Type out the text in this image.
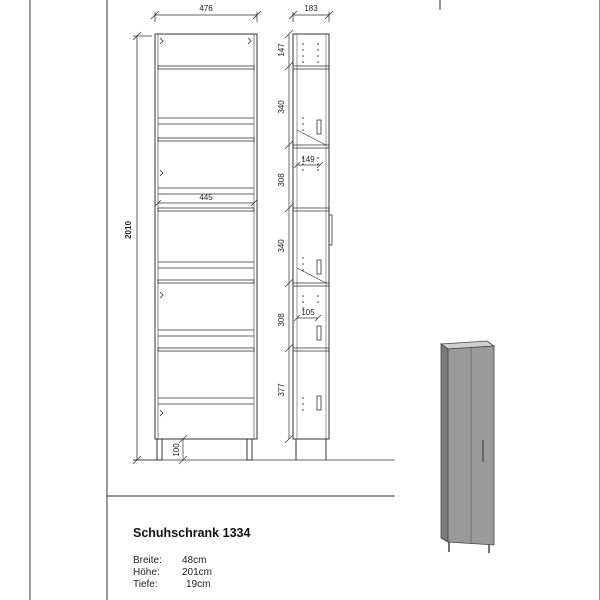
476
2010
445
100
183
147
340
308
340
308
377
149
105
Schuhschrank 1334
Breite: 48cm
Höhe: 201cm
Tiefe:	19cm
